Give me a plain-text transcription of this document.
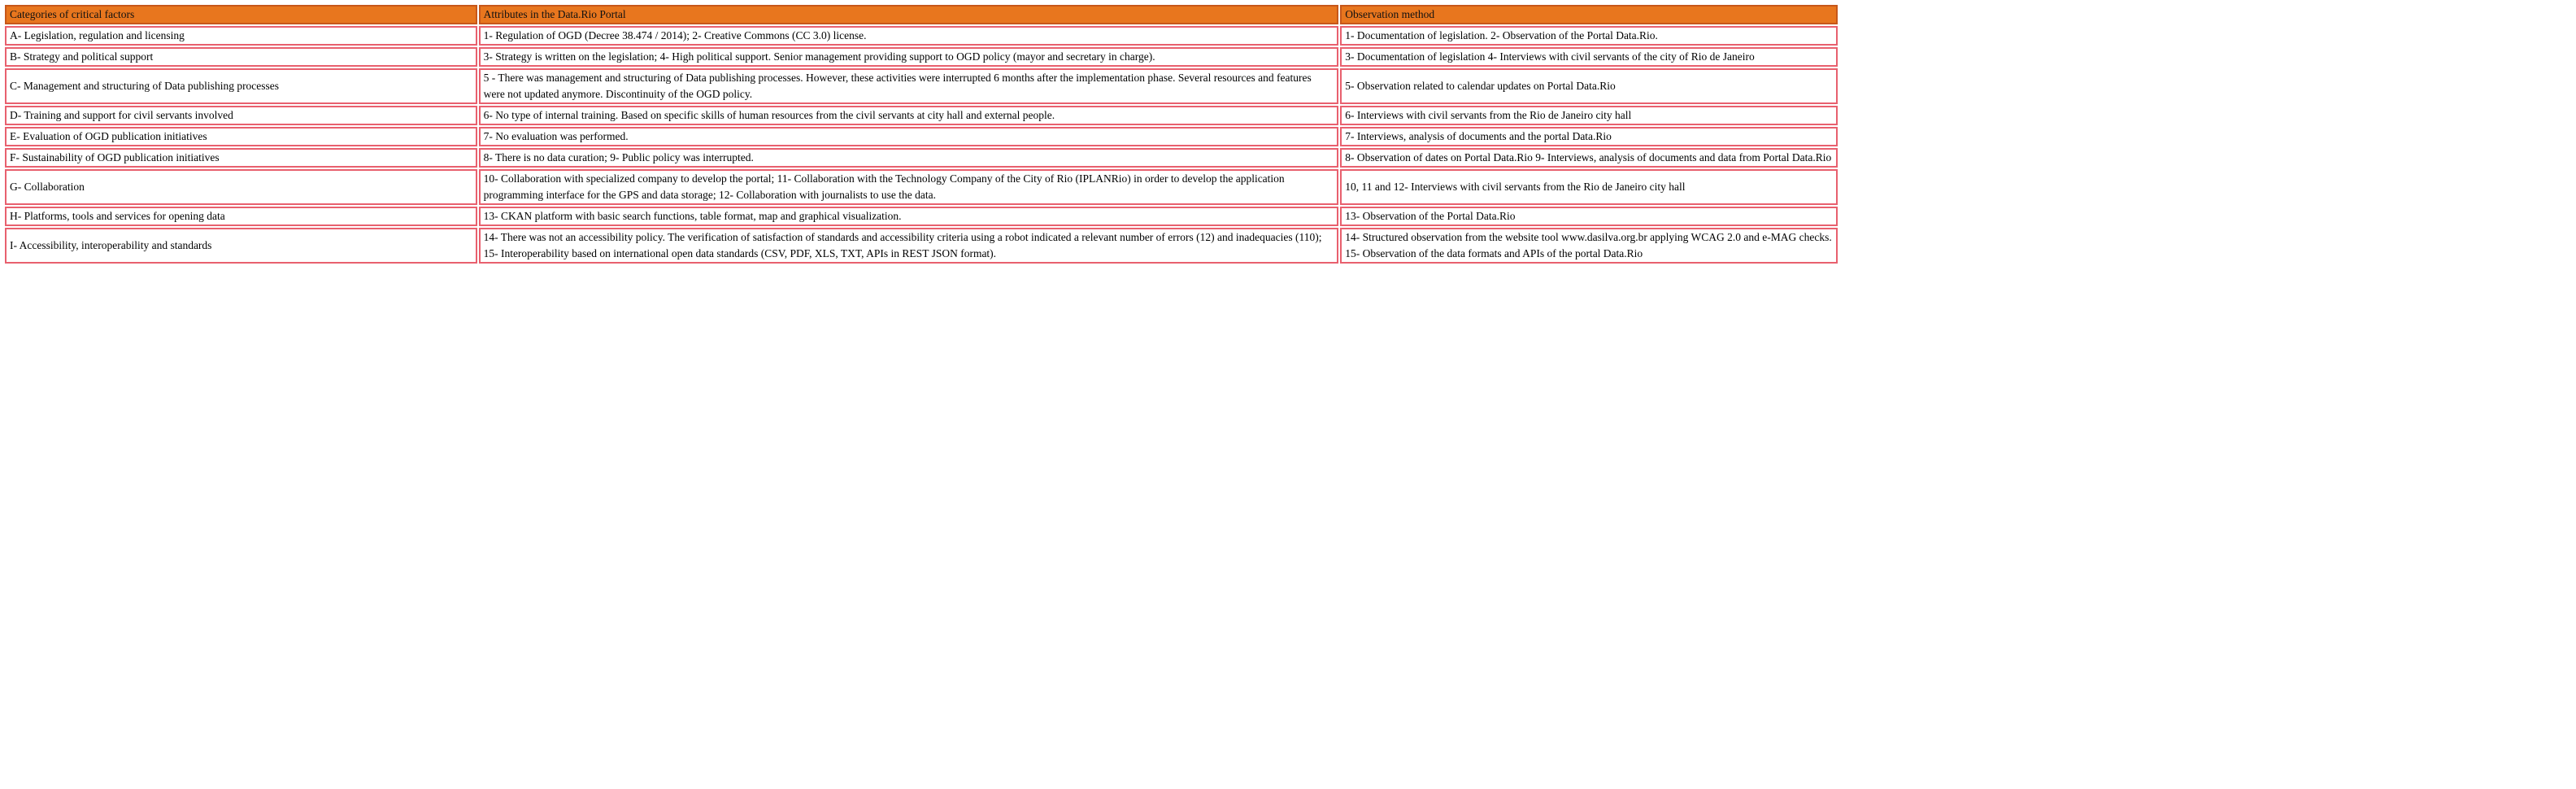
Categories of critical factors	Attributes in the Data.Rio Portal	Observation method
A- Legislation, regulation and licensing	1- Regulation of OGD (Decree 38.474 / 2014); 2- Creative Commons (CC 3.0) license.	1- Documentation of legislation. 2- Observation of the Portal Data.Rio.
B- Strategy and political support	3- Strategy is written on the legislation; 4- High political support. Senior management providing support to OGD policy (mayor and secretary in charge).	3- Documentation of legislation 4- Interviews with civil servants of the city of Rio de Janeiro
C- Management and structuring of Data publishing processes	5 - There was management and structuring of Data publishing processes. However, these activities were interrupted 6 months after the implementation phase. Several resources and features were not updated anymore. Discontinuity of the OGD policy.	5- Observation related to calendar updates on Portal Data.Rio
D- Training and support for civil servants involved	6- No type of internal training. Based on specific skills of human resources from the civil servants at city hall and external people.	6- Interviews with civil servants from the Rio de Janeiro city hall
E- Evaluation of OGD publication initiatives	7- No evaluation was performed.	7- Interviews, analysis of documents and the portal Data.Rio
F- Sustainability of OGD publication initiatives	8- There is no data curation; 9- Public policy was interrupted.	8- Observation of dates on Portal Data.Rio 9- Interviews, analysis of documents and data from Portal Data.Rio
G- Collaboration	10- Collaboration with specialized company to develop the portal; 11- Collaboration with the Technology Company of the City of Rio (IPLANRio) in order to develop the application programming interface for the GPS and data storage; 12- Collaboration with journalists to use the data.	10, 11 and 12- Interviews with civil servants from the Rio de Janeiro city hall
H- Platforms, tools and services for opening data	13- CKAN platform with basic search functions, table format, map and graphical visualization.	13- Observation of the Portal Data.Rio
I- Accessibility, interoperability and standards	14- There was not an accessibility policy. The verification of satisfaction of standards and accessibility criteria using a robot indicated a relevant number of errors (12) and inadequacies (110); 15- Interoperability based on international open data standards (CSV, PDF, XLS, TXT, APIs in REST JSON format).	14- Structured observation from the website tool www.dasilva.org.br applying WCAG 2.0 and e-MAG checks. 15- Observation of the data formats and APIs of the portal Data.Rio
